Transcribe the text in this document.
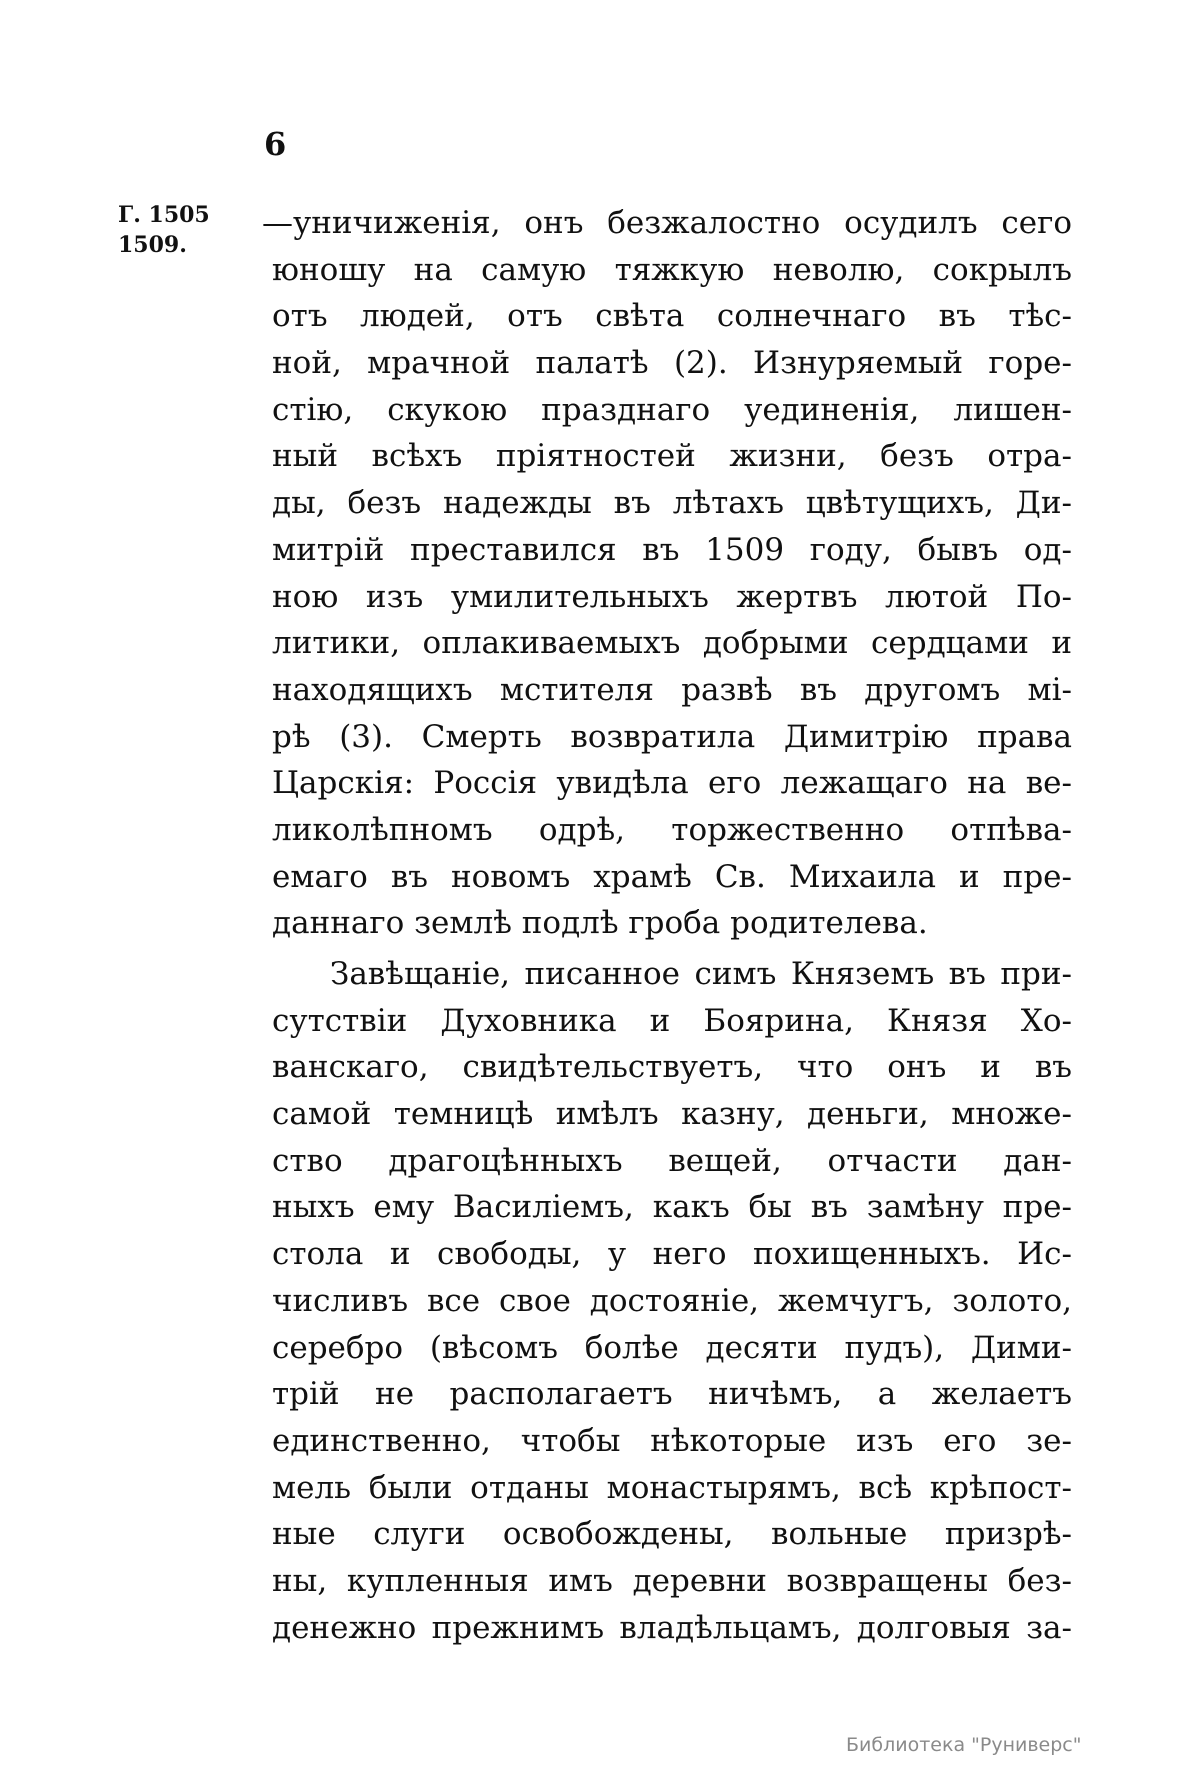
6
Г. 1505
1509.
—уничиженія, онъ безжалостно осудилъ сего
юношу на самую тяжкую неволю, сокрылъ
отъ людей, отъ свѣта солнечнаго въ тѣс-
ной, мрачной палатѣ (2). Изнуряемый горе-
стію, скукою празднаго уединенія, лишен-
ный всѣхъ пріятностей жизни, безъ отра-
ды, безъ надежды въ лѣтахъ цвѣтущихъ, Ди-
митрій преставился въ 1509 году, бывъ од-
ною изъ умилительныхъ жертвъ лютой По-
литики, оплакиваемыхъ добрыми сердцами и
находящихъ мстителя развѣ въ другомъ мі-
рѣ (3). Смерть возвратила Димитрію права
Царскія: Россія увидѣла его лежащаго на ве-
ликолѣпномъ одрѣ, торжественно отпѣва-
емаго въ новомъ храмѣ Св. Михаила и пре-
даннаго землѣ подлѣ гроба родителева.
Завѣщаніе, писанное симъ Княземъ въ при-
сутствіи Духовника и Боярина, Князя Хо-
ванскаго, свидѣтельствуетъ, что онъ и въ
самой темницѣ имѣлъ казну, деньги, множе-
ство драгоцѣнныхъ вещей, отчасти дан-
ныхъ ему Василіемъ, какъ бы въ замѣну пре-
стола и свободы, у него похищенныхъ. Ис-
числивъ все свое достояніе, жемчугъ, золото,
серебро (вѣсомъ болѣе десяти пудъ), Дими-
трій не располагаетъ ничѣмъ, а желаетъ
единственно, чтобы нѣкоторые изъ его зе-
мель были отданы монастырямъ, всѣ крѣпост-
ные слуги освобождены, вольные призрѣ-
ны, купленныя имъ деревни возвращены без-
денежно прежнимъ владѣльцамъ, долговыя за-
Библиотека "Руниверс"
